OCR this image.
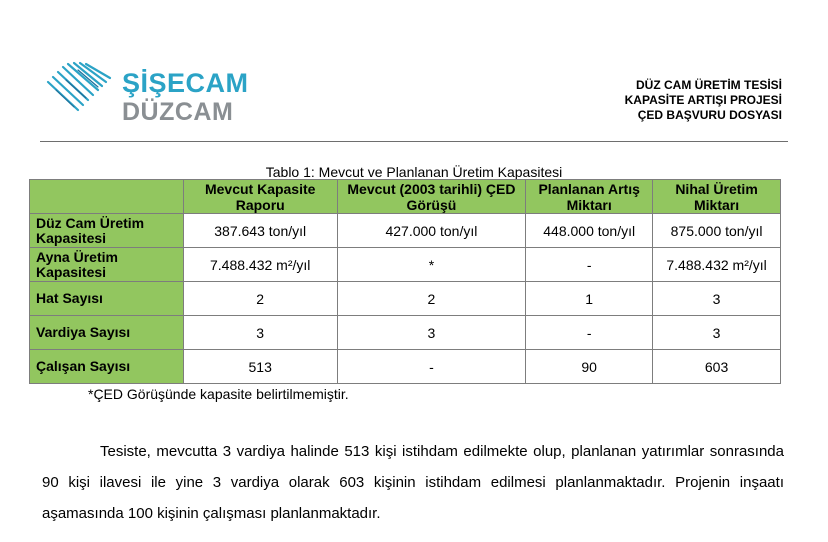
ŞİŞECAM
DÜZCAM
DÜZ CAM ÜRETİM TESİSİ
KAPASİTE ARTIŞI PROJESİ
ÇED BAŞVURU DOSYASI
Tablo 1: Mevcut ve Planlanan Üretim Kapasitesi
	Mevcut Kapasite Raporu	Mevcut (2003 tarihli) ÇED Görüşü	Planlanan Artış Miktarı	Nihal Üretim Miktarı
Düz Cam Üretim Kapasitesi	387.643 ton/yıl	427.000 ton/yıl	448.000 ton/yıl	875.000 ton/yıl
Ayna Üretim Kapasitesi	7.488.432 m²/yıl	*	-	7.488.432 m²/yıl
Hat Sayısı	2	2	1	3
Vardiya Sayısı	3	3	-	3
Çalışan Sayısı	513	-	90	603
*ÇED Görüşünde kapasite belirtilmemiştir.
Tesiste, mevcutta 3 vardiya halinde 513 kişi istihdam edilmekte olup, planlanan yatırımlar sonrasında 90 kişi ilavesi ile yine 3 vardiya olarak 603 kişinin istihdam edilmesi planlanmaktadır. Projenin inşaatı aşamasında 100 kişinin çalışması planlanmaktadır.
